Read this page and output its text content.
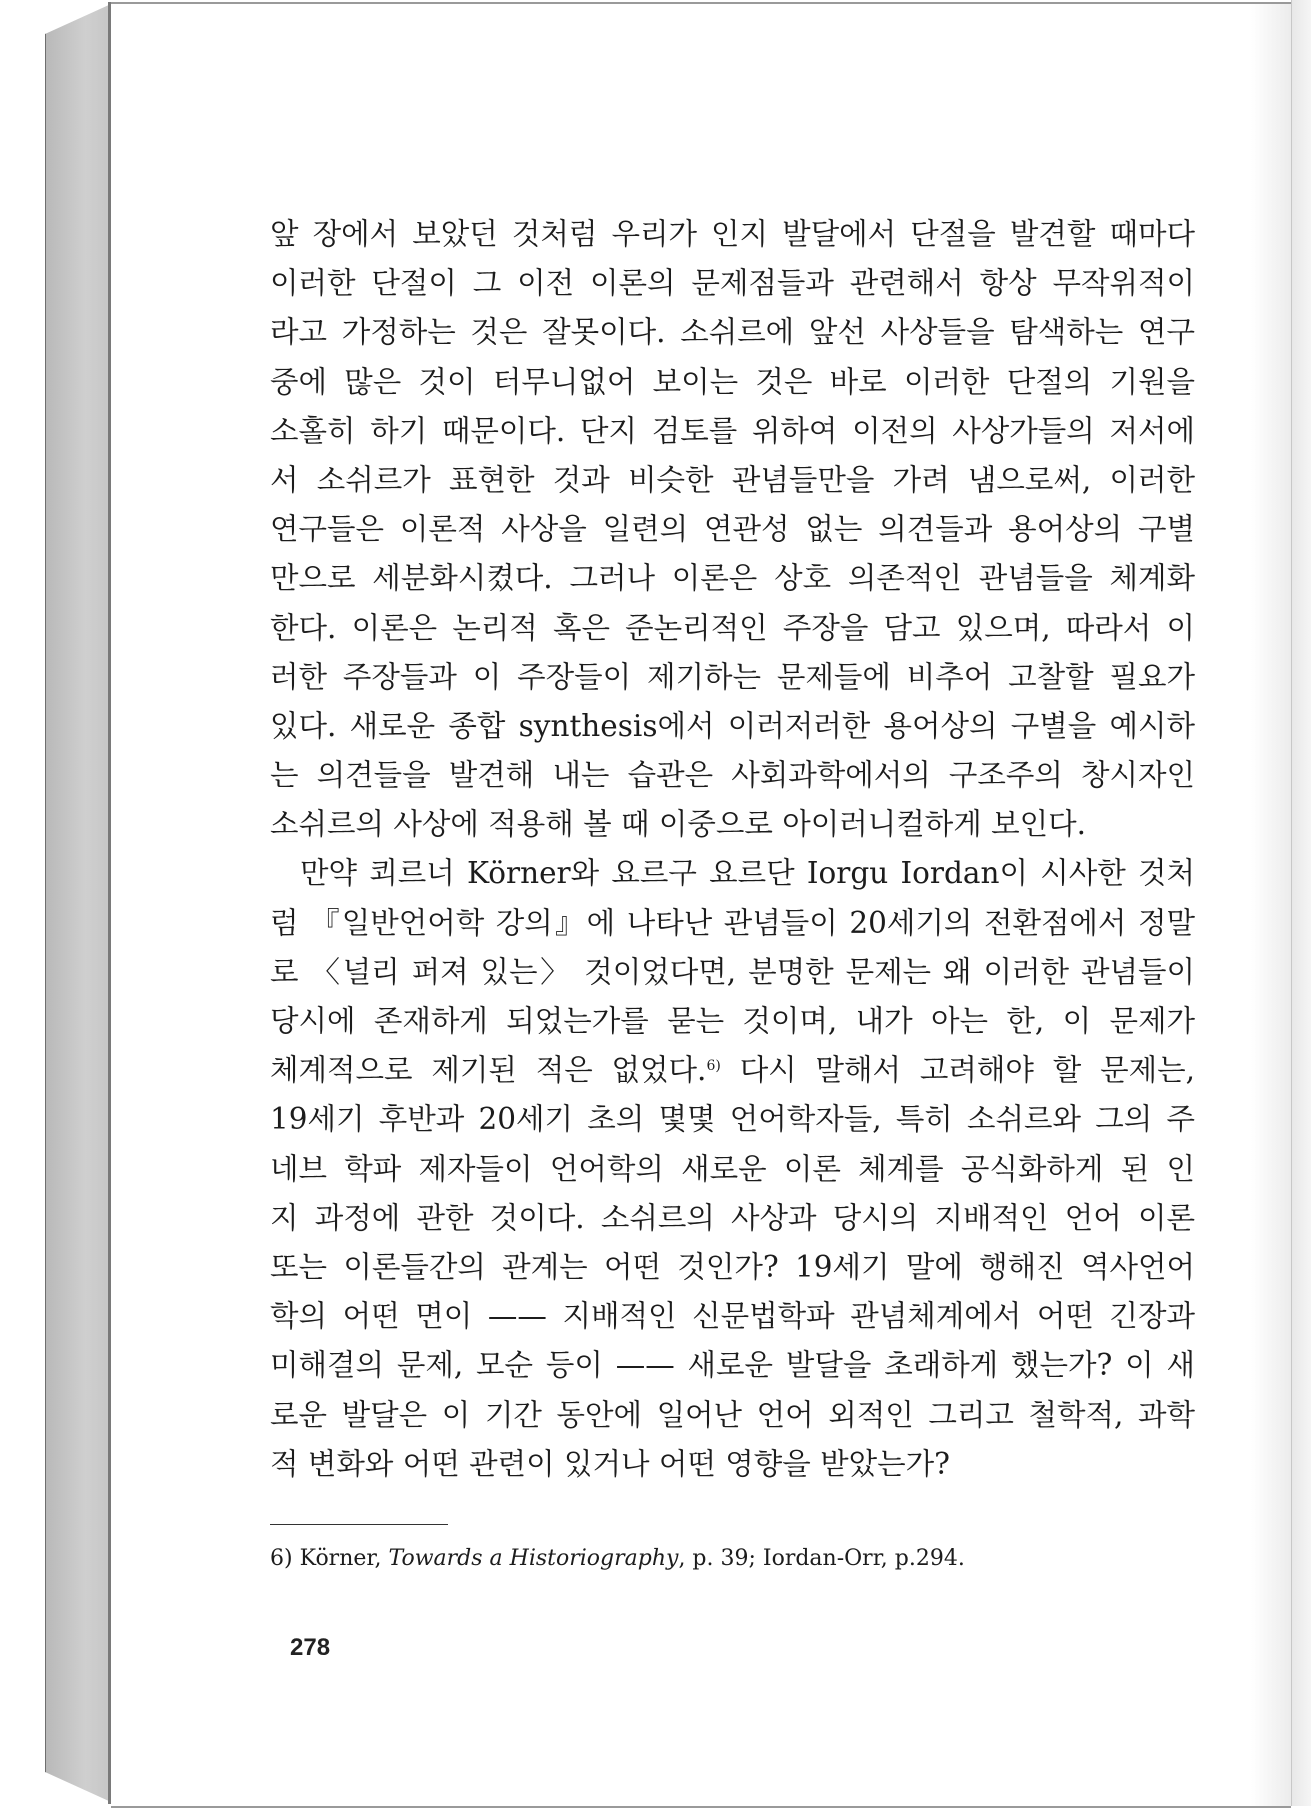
앞 장에서 보았던 것처럼 우리가 인지 발달에서 단절을 발견할 때마다
이러한 단절이 그 이전 이론의 문제점들과 관련해서 항상 무작위적이
라고 가정하는 것은 잘못이다. 소쉬르에 앞선 사상들을 탐색하는 연구
중에 많은 것이 터무니없어 보이는 것은 바로 이러한 단절의 기원을
소홀히 하기 때문이다. 단지 검토를 위하여 이전의 사상가들의 저서에
서 소쉬르가 표현한 것과 비슷한 관념들만을 가려 냄으로써, 이러한
연구들은 이론적 사상을 일련의 연관성 없는 의견들과 용어상의 구별
만으로 세분화시켰다. 그러나 이론은 상호 의존적인 관념들을 체계화
한다. 이론은 논리적 혹은 준논리적인 주장을 담고 있으며, 따라서 이
러한 주장들과 이 주장들이 제기하는 문제들에 비추어 고찰할 필요가
있다. 새로운 종합 synthesis에서 이러저러한 용어상의 구별을 예시하
는 의견들을 발견해 내는 습관은 사회과학에서의 구조주의 창시자인
소쉬르의 사상에 적용해 볼 때 이중으로 아이러니컬하게 보인다.
만약 쾨르너 Körner와 요르구 요르단 Iorgu Iordan이 시사한 것처
럼 『일반언어학 강의』에 나타난 관념들이 20세기의 전환점에서 정말
로 〈널리 퍼져 있는〉 것이었다면, 분명한 문제는 왜 이러한 관념들이
당시에 존재하게 되었는가를 묻는 것이며, 내가 아는 한, 이 문제가
체계적으로 제기된 적은 없었다.$^{6)}$ 다시 말해서 고려해야 할 문제는,
19세기 후반과 20세기 초의 몇몇 언어학자들, 특히 소쉬르와 그의 주
네브 학파 제자들이 언어학의 새로운 이론 체계를 공식화하게 된 인
지 과정에 관한 것이다. 소쉬르의 사상과 당시의 지배적인 언어 이론
또는 이론들간의 관계는 어떤 것인가? 19세기 말에 행해진 역사언어
학의 어떤 면이 —— 지배적인 신문법학파 관념체계에서 어떤 긴장과
미해결의 문제, 모순 등이 —— 새로운 발달을 초래하게 했는가? 이 새
로운 발달은 이 기간 동안에 일어난 언어 외적인 그리고 철학적, 과학
적 변화와 어떤 관련이 있거나 어떤 영향을 받았는가?
6) Körner, Towards a Historiography, p. 39; Iordan-Orr, p.294.
278
